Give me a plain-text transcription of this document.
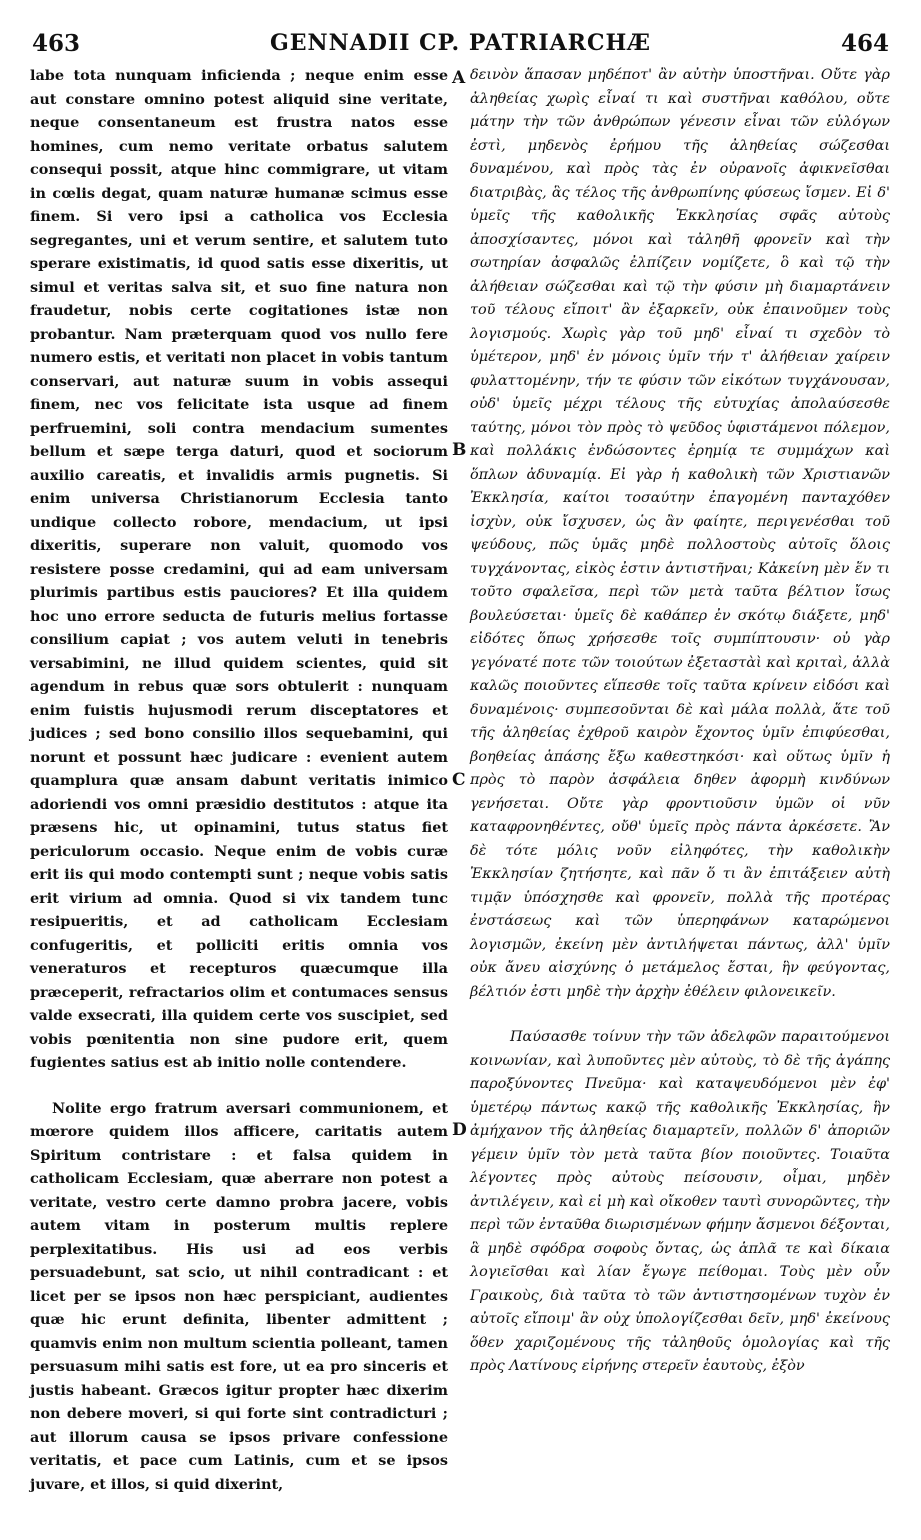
463	GENNADII CP. PATRIARCHÆ	464

labe tota nunquam inficienda ; neque enim esse aut constare omnino potest aliquid sine veritate, neque consentaneum est frustra natos esse homines, cum nemo veritate orbatus salutem consequi possit, atque hinc commigrare, ut vitam in cœlis degat, quam naturæ humanæ scimus esse finem. Si vero ipsi a catholica vos Ecclesia segregantes, uni et verum sentire, et salutem tuto sperare existimatis, id quod satis esse dixeritis, ut simul et veritas salva sit, et suo fine natura non fraudetur, nobis certe cogitationes istæ non probantur. Nam præterquam quod vos nullo fere numero estis, et veritati non placet in vobis tantum conservari, aut naturæ suum in vobis assequi finem, nec vos felicitate ista usque ad finem perfruemini, soli contra mendacium sumentes bellum et sæpe terga daturi, quod et sociorum auxilio careatis, et invalidis armis pugnetis. Si enim universa Christianorum Ecclesia tanto undique collecto robore, mendacium, ut ipsi dixeritis, superare non valuit, quomodo vos resistere posse credamini, qui ad eam universam plurimis partibus estis pauciores? Et illa quidem hoc uno errore seducta de futuris melius fortasse consilium capiat ; vos autem veluti in tenebris versabimini, ne illud quidem scientes, quid sit agendum in rebus quæ sors obtulerit : nunquam enim fuistis hujusmodi rerum disceptatores et judices ; sed bono consilio illos sequebamini, qui norunt et possunt hæc judicare : evenient autem quamplura quæ ansam dabunt veritatis inimico adoriendi vos omni præsidio destitutos : atque ita præsens hic, ut opinamini, tutus status fiet periculorum occasio. Neque enim de vobis curæ erit iis qui modo contempti sunt ; neque vobis satis erit virium ad omnia. Quod si vix tandem tunc resipueritis, et ad catholicam Ecclesiam confugeritis, et polliciti eritis omnia vos veneraturos et recepturos quæcumque illa præceperit, refractarios olim et contumaces sensus valde exsecrati, illa quidem certe vos suscipiet, sed vobis pœnitentia non sine pudore erit, quem fugientes satius est ab initio nolle contendere.

Nolite ergo fratrum aversari communionem, et mœrore quidem illos afficere, caritatis autem Spiritum contristare : et falsa quidem in catholicam Ecclesiam, quæ aberrare non potest a veritate, vestro certe damno probra jacere, vobis autem vitam in posterum multis replere perplexitatibus. His usi ad eos verbis persuadebunt, sat scio, ut nihil contradicant : et licet per se ipsos non hæc perspiciant, audientes quæ hic erunt definita, libenter admittent ; quamvis enim non multum scientia polleant, tamen persuasum mihi satis est fore, ut ea pro sinceris et justis habeant. Græcos igitur propter hæc dixerim non debere moveri, si qui forte sint contradicturi ; aut illorum causa se ipsos privare confessione veritatis, et pace cum Latinis, cum et se ipsos juvare, et illos, si quid dixerint,

A
B
C
D

δεινὸν ἅπασαν μηδέποτ' ἂν αὐτὴν ὑποστῆναι. Οὔτε γὰρ ἀληθείας χωρὶς εἶναί τι καὶ συστῆναι καθόλου, οὔτε μάτην τὴν τῶν ἀνθρώπων γένεσιν εἶναι τῶν εὐλόγων ἐστὶ, μηδενὸς ἐρήμου τῆς ἀληθείας σώζεσθαι δυναμένου, καὶ πρὸς τὰς ἐν οὐρανοῖς ἀφικνεῖσθαι διατριβὰς, ἃς τέλος τῆς ἀνθρωπίνης φύσεως ἴσμεν. Εἰ δ' ὑμεῖς τῆς καθολικῆς Ἐκκλησίας σφᾶς αὐτοὺς ἀποσχίσαντες, μόνοι καὶ τἀληθῆ φρονεῖν καὶ τὴν σωτηρίαν ἀσφαλῶς ἐλπίζειν νομίζετε, ὃ καὶ τῷ τὴν ἀλήθειαν σώζεσθαι καὶ τῷ τὴν φύσιν μὴ διαμαρτάνειν τοῦ τέλους εἴποιτ' ἂν ἐξαρκεῖν, οὐκ ἐπαινοῦμεν τοὺς λογισμούς. Χωρὶς γὰρ τοῦ μηδ' εἶναί τι σχεδὸν τὸ ὑμέτερον, μηδ' ἐν μόνοις ὑμῖν τήν τ' ἀλήθειαν χαίρειν φυλαττομένην, τήν τε φύσιν τῶν εἰκότων τυγχάνουσαν, οὐδ' ὑμεῖς μέχρι τέλους τῆς εὐτυχίας ἀπολαύσεσθε ταύτης, μόνοι τὸν πρὸς τὸ ψεῦδος ὑφιστάμενοι πόλεμον, καὶ πολλάκις ἐνδώσοντες ἐρημίᾳ τε συμμάχων καὶ ὅπλων ἀδυναμίᾳ. Εἰ γὰρ ἡ καθολικὴ τῶν Χριστιανῶν Ἐκκλησία, καίτοι τοσαύτην ἐπαγομένη πανταχόθεν ἰσχὺν, οὐκ ἴσχυσεν, ὡς ἂν φαίητε, περιγενέσθαι τοῦ ψεύδους, πῶς ὑμᾶς μηδὲ πολλοστοὺς αὐτοῖς ὅλοις τυγχάνοντας, εἰκὸς ἐστιν ἀντιστῆναι; Κἀκείνη μὲν ἕν τι τοῦτο σφαλεῖσα, περὶ τῶν μετὰ ταῦτα βέλτιον ἴσως βουλεύσεται· ὑμεῖς δὲ καθάπερ ἐν σκότῳ διάξετε, μηδ' εἰδότες ὅπως χρήσεσθε τοῖς συμπίπτουσιν· οὐ γὰρ γεγόνατέ ποτε τῶν τοιούτων ἐξεταστὰὶ καὶ κριταὶ, ἀλλὰ καλῶς ποιοῦντες εἵπεσθε τοῖς ταῦτα κρίνειν εἰδόσι καὶ δυναμένοις· συμπεσοῦνται δὲ καὶ μάλα πολλὰ, ἅτε τοῦ τῆς ἀληθείας ἐχθροῦ καιρὸν ἔχοντος ὑμῖν ἐπιφύεσθαι, βοηθείας ἁπάσης ἔξω καθεστηκόσι· καὶ οὕτως ὑμῖν ἡ πρὸς τὸ παρὸν ἀσφάλεια δηθεν ἀφορμὴ κινδύνων γενήσεται. Οὔτε γὰρ φροντιοῦσιν ὑμῶν οἱ νῦν καταφρονηθέντες, οὔθ' ὑμεῖς πρὸς πάντα ἀρκέσετε. Ἂν δὲ τότε μόλις νοῦν εἰληφότες, τὴν καθολικὴν Ἐκκλησίαν ζητήσητε, καὶ πᾶν ὅ τι ἂν ἐπιτάξειεν αὐτὴ τιμᾷν ὑπόσχησθε καὶ φρονεῖν, πολλὰ τῆς προτέρας ἐνστάσεως καὶ τῶν ὑπερηφάνων καταρώμενοι λογισμῶν, ἐκείνη μὲν ἀντιλήψεται πάντως, ἀλλ' ὑμῖν οὐκ ἄνευ αἰσχύνης ὁ μετάμελος ἔσται, ἣν φεύγοντας, βέλτιόν ἐστι μηδὲ τὴν ἀρχὴν ἐθέλειν φιλονεικεῖν.

Παύσασθε τοίνυν τὴν τῶν ἀδελφῶν παραιτούμενοι κοινωνίαν, καὶ λυποῦντες μὲν αὐτοὺς, τὸ δὲ τῆς ἀγάπης παροξύνοντες Πνεῦμα· καὶ καταψευδόμενοι μὲν ἐφ' ὑμετέρῳ πάντως κακῷ τῆς καθολικῆς Ἐκκλησίας, ἣν ἀμήχανον τῆς ἀληθείας διαμαρτεῖν, πολλῶν δ' ἀποριῶν γέμειν ὑμῖν τὸν μετὰ ταῦτα βίον ποιοῦντες. Τοιαῦτα λέγοντες πρὸς αὐτοὺς πείσουσιν, οἶμαι, μηδὲν ἀντιλέγειν, καὶ εἰ μὴ καὶ οἴκοθεν ταυτὶ συνορῶντες, τὴν περὶ τῶν ἐνταῦθα διωρισμένων φήμην ἄσμενοι δέξονται, ἃ μηδὲ σφόδρα σοφοὺς ὄντας, ὡς ἁπλᾶ τε καὶ δίκαια λογιεῖσθαι καὶ λίαν ἔγωγε πείθομαι. Τοὺς μὲν οὖν Γραικοὺς, διὰ ταῦτα τὸ τῶν ἀντιστησομένων τυχὸν ἐν αὐτοῖς εἴποιμ' ἂν οὐχ ὑπολογίζεσθαι δεῖν, μηδ' ἐκείνους ὅθεν χαριζομένους τῆς τἀληθοῦς ὁμολογίας καὶ τῆς πρὸς Λατίνους εἰρήνης στερεῖν ἑαυτοὺς, ἐξὸν
